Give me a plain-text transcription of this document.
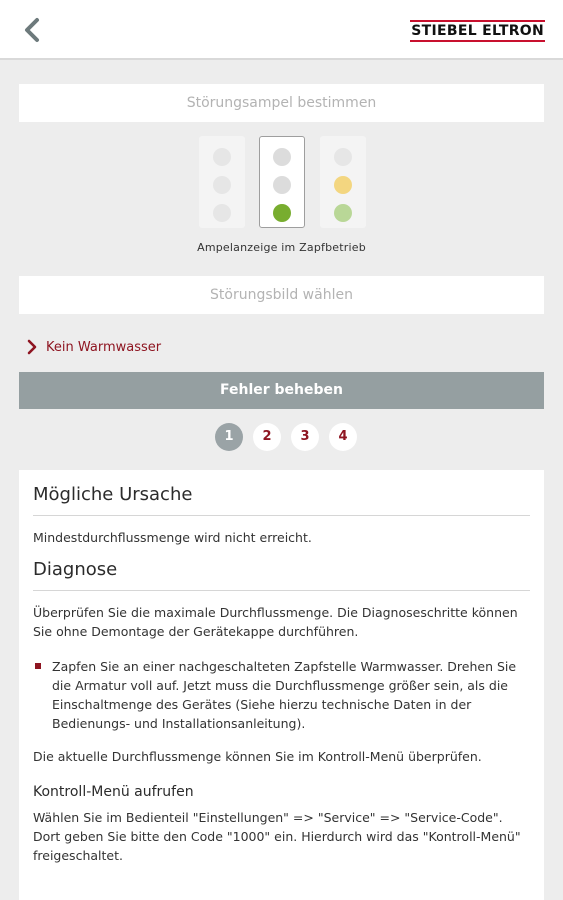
STIEBEL ELTRON
Störungsampel bestimmen
Ampelanzeige im Zapfbetrieb
Störungsbild wählen
Kein Warmwasser
Fehler beheben
1	2	3	4
Mögliche Ursache
Mindestdurchflussmenge wird nicht erreicht.
Diagnose
Überprüfen Sie die maximale Durchflussmenge. Die Diagnoseschritte können Sie ohne Demontage der Gerätekappe durchführen.
Zapfen Sie an einer nachgeschalteten Zapfstelle Warmwasser. Drehen Sie die Armatur voll auf. Jetzt muss die Durchflussmenge größer sein, als die Einschaltmenge des Gerätes (Siehe hierzu technische Daten in der Bedienungs- und Installationsanleitung).
Die aktuelle Durchflussmenge können Sie im Kontroll-Menü überprüfen.
Kontroll-Menü aufrufen
Wählen Sie im Bedienteil "Einstellungen" => "Service" => "Service-Code". Dort geben Sie bitte den Code "1000" ein. Hierdurch wird das "Kontroll-Menü" freigeschaltet.
